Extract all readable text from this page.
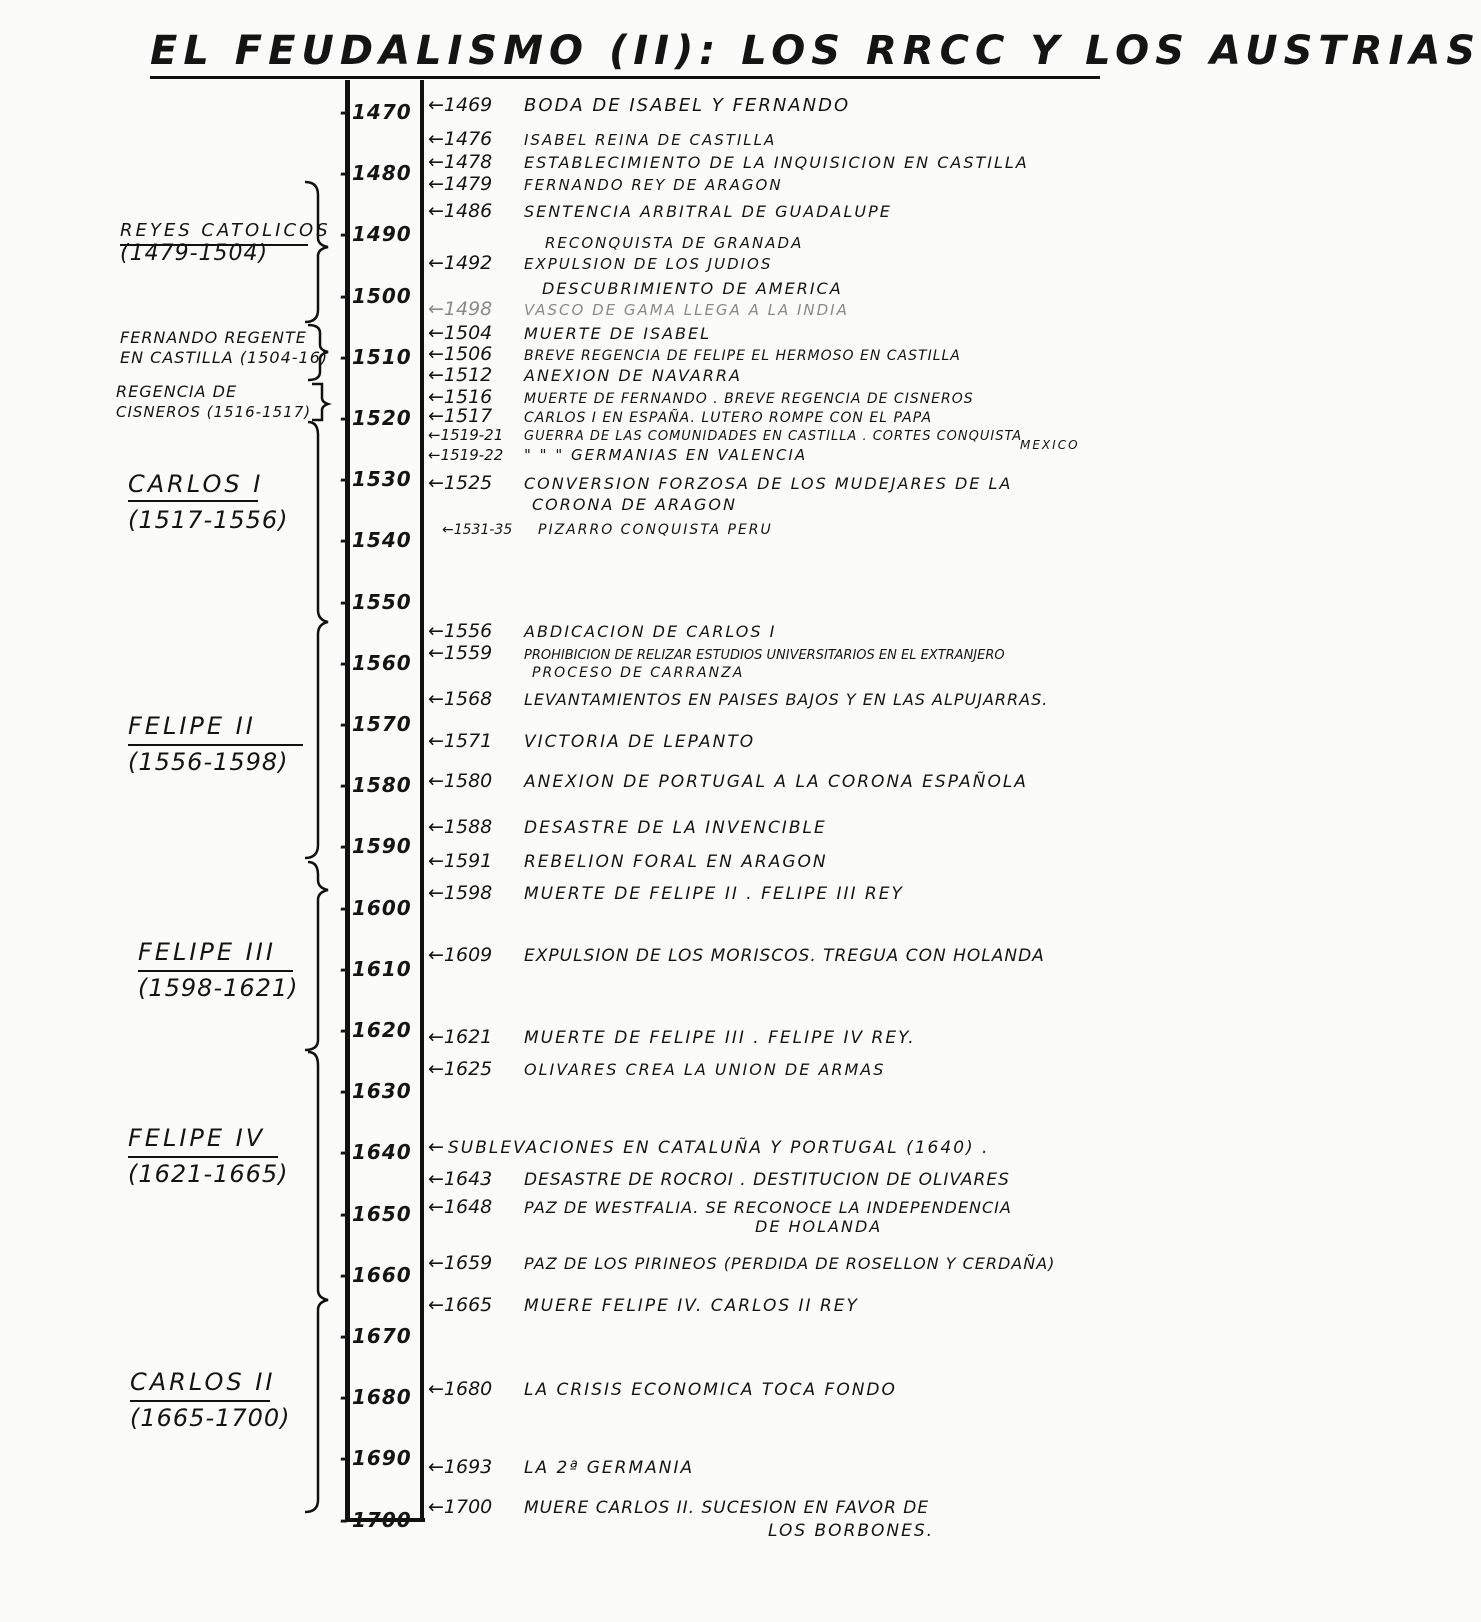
EL FEUDALISMO (II): LOS RRCC Y LOS AUSTRIAS
REYES CATOLICOS
(1479-1504)
FERNANDO REGENTE
EN CASTILLA (1504-16)
REGENCIA DE
CISNEROS (1516-1517)
CARLOS I
(1517-1556)
FELIPE II
(1556-1598)
FELIPE III
(1598-1621)
FELIPE IV
(1621-1665)
CARLOS II
(1665-1700)
- 1470
- 1480
- 1490
- 1500
- 1510
- 1520
- 1530
- 1540
- 1550
- 1560
- 1570
- 1580
- 1590
- 1600
- 1610
- 1620
- 1630
- 1640
- 1650
- 1660
- 1670
- 1680
- 1690
- 1700
←1469 BODA DE ISABEL Y FERNANDO
←1476 ISABEL REINA DE CASTILLA
←1478 ESTABLECIMIENTO DE LA INQUISICION EN CASTILLA
←1479 FERNANDO REY DE ARAGON
←1486 SENTENCIA ARBITRAL DE GUADALUPE
RECONQUISTA DE GRANADA
←1492 EXPULSION DE LOS JUDIOS
DESCUBRIMIENTO DE AMERICA
←1498 VASCO DE GAMA LLEGA A LA INDIA
←1504 MUERTE DE ISABEL
←1506 BREVE REGENCIA DE FELIPE EL HERMOSO EN CASTILLA
←1512 ANEXION DE NAVARRA
←1516 MUERTE DE FERNANDO . BREVE REGENCIA DE CISNEROS
←1517 CARLOS I EN ESPAÑA. LUTERO ROMPE CON EL PAPA
←1519-21 GUERRA DE LAS COMUNIDADES EN CASTILLA . CORTES CONQUISTA
MEXICO
←1519-22 " " " GERMANIAS EN VALENCIA
←1525 CONVERSION FORZOSA DE LOS MUDEJARES DE LA
CORONA DE ARAGON
←1531-35 PIZARRO CONQUISTA PERU
←1556 ABDICACION DE CARLOS I
←1559 PROHIBICION DE RELIZAR ESTUDIOS UNIVERSITARIOS EN EL EXTRANJERO
PROCESO DE CARRANZA
←1568 LEVANTAMIENTOS EN PAISES BAJOS Y EN LAS ALPUJARRAS.
←1571 VICTORIA DE LEPANTO
←1580 ANEXION DE PORTUGAL A LA CORONA ESPAÑOLA
←1588 DESASTRE DE LA INVENCIBLE
←1591 REBELION FORAL EN ARAGON
←1598 MUERTE DE FELIPE II . FELIPE III REY
←1609 EXPULSION DE LOS MORISCOS. TREGUA CON HOLANDA
←1621 MUERTE DE FELIPE III . FELIPE IV REY.
←1625 OLIVARES CREA LA UNION DE ARMAS
← SUBLEVACIONES EN CATALUÑA Y PORTUGAL (1640) .
←1643 DESASTRE DE ROCROI . DESTITUCION DE OLIVARES
←1648 PAZ DE WESTFALIA. SE RECONOCE LA INDEPENDENCIA
DE HOLANDA
←1659 PAZ DE LOS PIRINEOS (PERDIDA DE ROSELLON Y CERDAÑA)
←1665 MUERE FELIPE IV. CARLOS II REY
←1680 LA CRISIS ECONOMICA TOCA FONDO
←1693 LA 2ª GERMANIA
←1700 MUERE CARLOS II. SUCESION EN FAVOR DE
LOS BORBONES.
